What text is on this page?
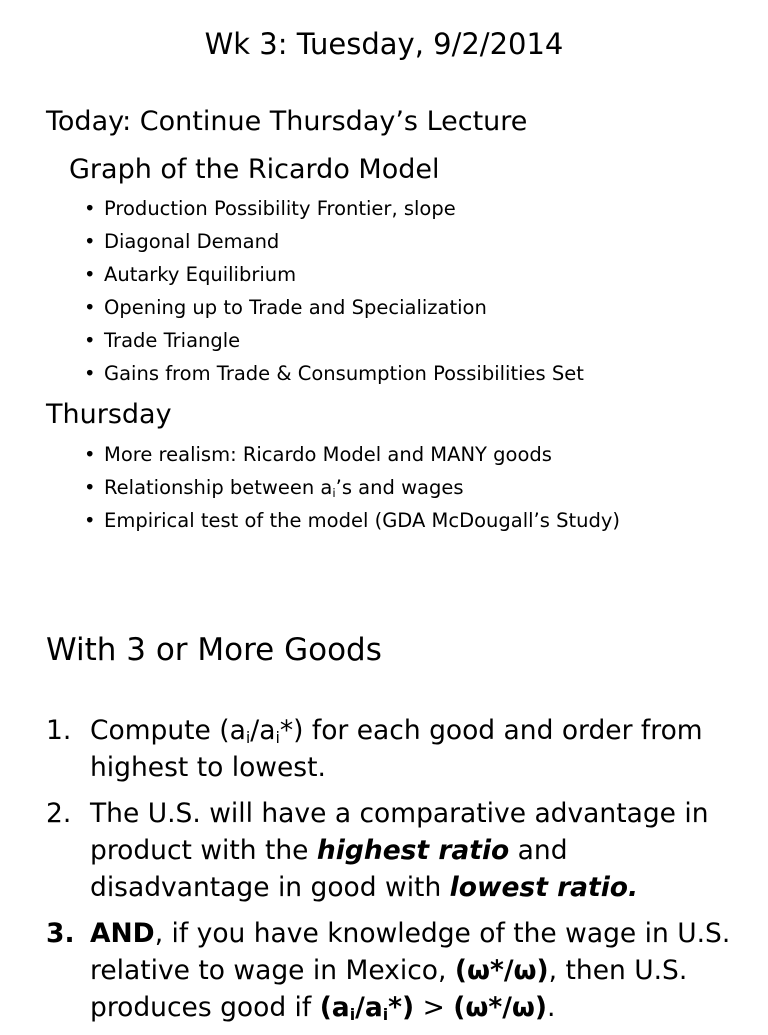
Wk 3: Tuesday, 9/2/2014
Today: Continue Thursday’s Lecture
Graph of the Ricardo Model
• Production Possibility Frontier, slope
• Diagonal Demand
• Autarky Equilibrium
• Opening up to Trade and Specialization
• Trade Triangle
• Gains from Trade & Consumption Possibilities Set
Thursday
• More realism: Ricardo Model and MANY goods
• Relationship between $a_i’s$ and wages
• Empirical test of the model (GDA McDougall’s Study)
With 3 or More Goods
1. Compute $(a_i/a_i*)$ for each good and order from highest to lowest.
2. The U.S. will have a comparative advantage in product with the highest ratio and disadvantage in good with lowest ratio.
3. AND, if you have knowledge of the wage in U.S. relative to wage in Mexico, (ω*/ω), then U.S. produces good if $(a_i/a_i*) > (\omega*/\omega)$.
